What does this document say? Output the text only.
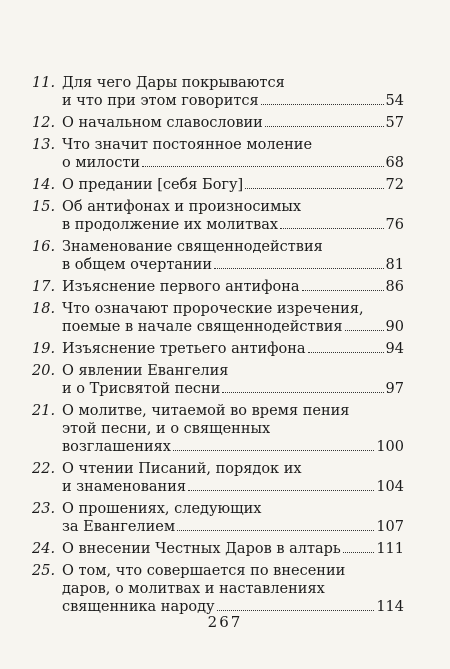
11. Для чего Дары покрываются
и что при этом говорится	54
12. О начальном славословии	57
13. Что значит постоянное моление
о милости	68
14. О предании [себя Богу]	72
15. Об антифонах и произносимых
в продолжение их молитвах	76
16. Знаменование священнодействия
в общем очертании	81
17. Изъяснение первого антифона	86
18. Что означают пророческие изречения,
поемые в начале священнодействия	90
19. Изъяснение третьего антифона	94
20. О явлении Евангелия
и о Трисвятой песни	97
21. О молитве, читаемой во время пения
этой песни, и о священных
возглашениях	100
22. О чтении Писаний, порядок их
и знаменования	104
23. О прошениях, следующих
за Евангелием	107
24. О внесении Честных Даров в алтарь 111
25. О том, что совершается по внесении
даров, о молитвах и наставлениях
священника народу	114
267
